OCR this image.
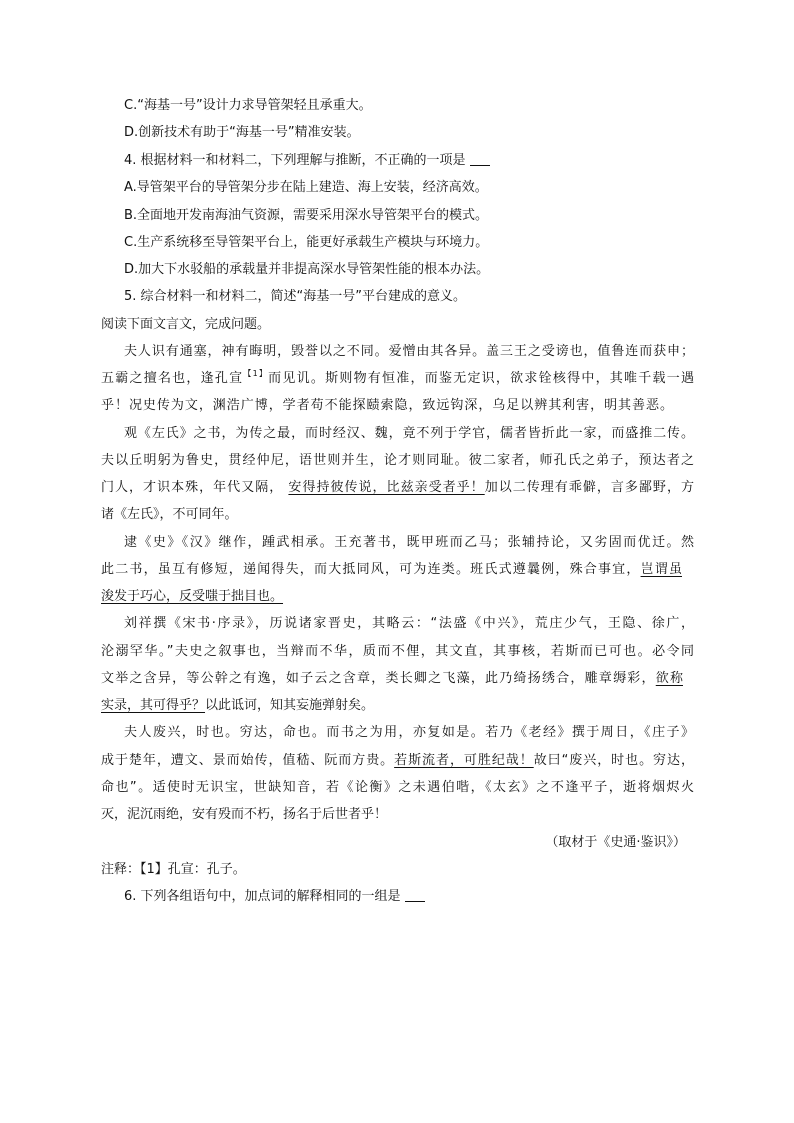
C.“海基一号”设计力求导管架轻且承重大。
D.创新技术有助于“海基一号”精准安装。
4. 根据材料一和材料二，下列理解与推断，不正确的一项是
A.导管架平台的导管架分步在陆上建造、海上安装，经济高效。
B.全面地开发南海油气资源，需要采用深水导管架平台的模式。
C.生产系统移至导管架平台上，能更好承载生产模块与环境力。
D.加大下水驳船的承载量并非提高深水导管架性能的根本办法。
5. 综合材料一和材料二，简述“海基一号”平台建成的意义。
阅读下面文言文，完成问题。
夫人识有通塞，神有晦明，毁誉以之不同。爱憎由其各异。盖三王之受谤也，值鲁连而获申；
五霸之擅名也，逢孔宣$^{【1】}$而见讥。斯则物有恒准，而鉴无定识，欲求铨核得中，其唯千载一遇
乎！况史传为文，渊浩广博，学者苟不能探赜索隐，致远钩深，乌足以辨其利害，明其善恶。
观《左氏》之书，为传之最，而时经汉、魏，竟不列于学官，儒者皆折此一家，而盛推二传。
夫以丘明躬为鲁史，贯经仲尼，语世则并生，论才则同耻。彼二家者，师孔氏之弟子，预达者之
门人，才识本殊，年代又隔， 安得持彼传说，比兹亲受者乎！加以二传理有乖僻，言多鄙野，方
诸《左氏》，不可同年。
逮《史》《汉》继作，踵武相承。王充著书，既甲班而乙马；张辅持论，又劣固而优迁。然
此二书，虽互有修短，递闻得失，而大抵同风，可为连类。班氏式遵曩例，殊合事宜，岂谓虽
浚发于巧心，反受嗤于拙目也。
刘祥撰《宋书·序录》，历说诸家晋史，其略云：“法盛《中兴》，荒庄少气，王隐、徐广，
沦溺罕华。”夫史之叙事也，当辩而不华，质而不俚，其文直，其事核，若斯而已可也。必令同
文举之含异，等公幹之有逸，如子云之含章，类长卿之飞藻，此乃绮扬绣合，雕章缛彩，欲称
实录，其可得乎？以此诋诃，知其妄施弹射矣。
夫人废兴，时也。穷达，命也。而书之为用，亦复如是。若乃《老经》撰于周日，《庄子》
成于楚年，遭文、景而始传，值嵇、阮而方贵。若斯流者，可胜纪哉！故曰“废兴，时也。穷达，
命也”。适使时无识宝，世缺知音，若《论衡》之未遇伯喈，《太玄》之不逢平子，逝将烟烬火
灭，泥沉雨绝，安有殁而不朽，扬名于后世者乎！
（取材于《史通·鉴识》）
注释：【1】孔宣：孔子。
6. 下列各组语句中，加点词的解释相同的一组是
